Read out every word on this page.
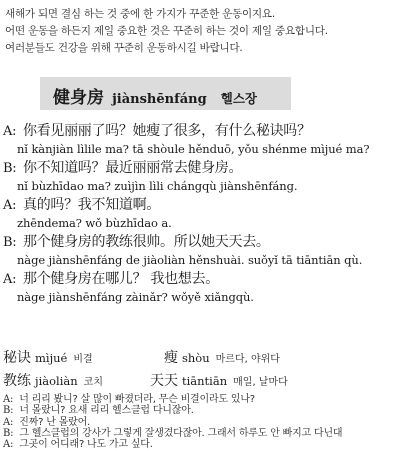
새해가 되면 결심 하는 것 중에 한 가지가 꾸준한 운동이지요.
어떤 운동을 하든지 제일 중요한 것은 꾸준히 하는 것이 제일 중요합니다.
여러분들도 건강을 위해 꾸준히 운동하시길 바랍니다.
健身房 jiànshēnfáng 헬스장
A: 你看见丽丽了吗？她瘦了很多，有什么秘诀吗？
nǐ kànjiàn lìlile ma? tā shòule hěnduō, yǒu shénme mìjué ma?
B: 你不知道吗？最近丽丽常去健身房。
nǐ bùzhīdao ma? zuìjìn lìli chángqù jiànshēnfáng.
A: 真的吗？我不知道啊。
zhēndema? wǒ bùzhīdao a.
B: 那个健身房的教练很帅。所以她天天去。
nàge jiànshēnfáng de jiàoliàn hěnshuài. suǒyǐ tā tiāntiān qù.
A: 那个健身房在哪儿？ 我也想去。
nàge jiànshēnfáng zàinǎr? wǒyě xiǎngqù.
秘诀 mìjué 비결	瘦 shòu 마르다, 야위다
教练 jiàoliàn 코치	天天 tiāntiān 매일, 날마다
A: 너 리리 봤니? 살 많이 빠졌더라, 무슨 비결이라도 있나?
B: 너 몰랐니? 요새 리리 헬스클럽 다니잖아.
A: 진짜? 난 몰랐어.
B: 그 헬스클럽의 강사가 그렇게 잘생겼다잖아. 그래서 하루도 안 빠지고 다닌대
A: 그곳이 어디래? 나도 가고 싶다.
